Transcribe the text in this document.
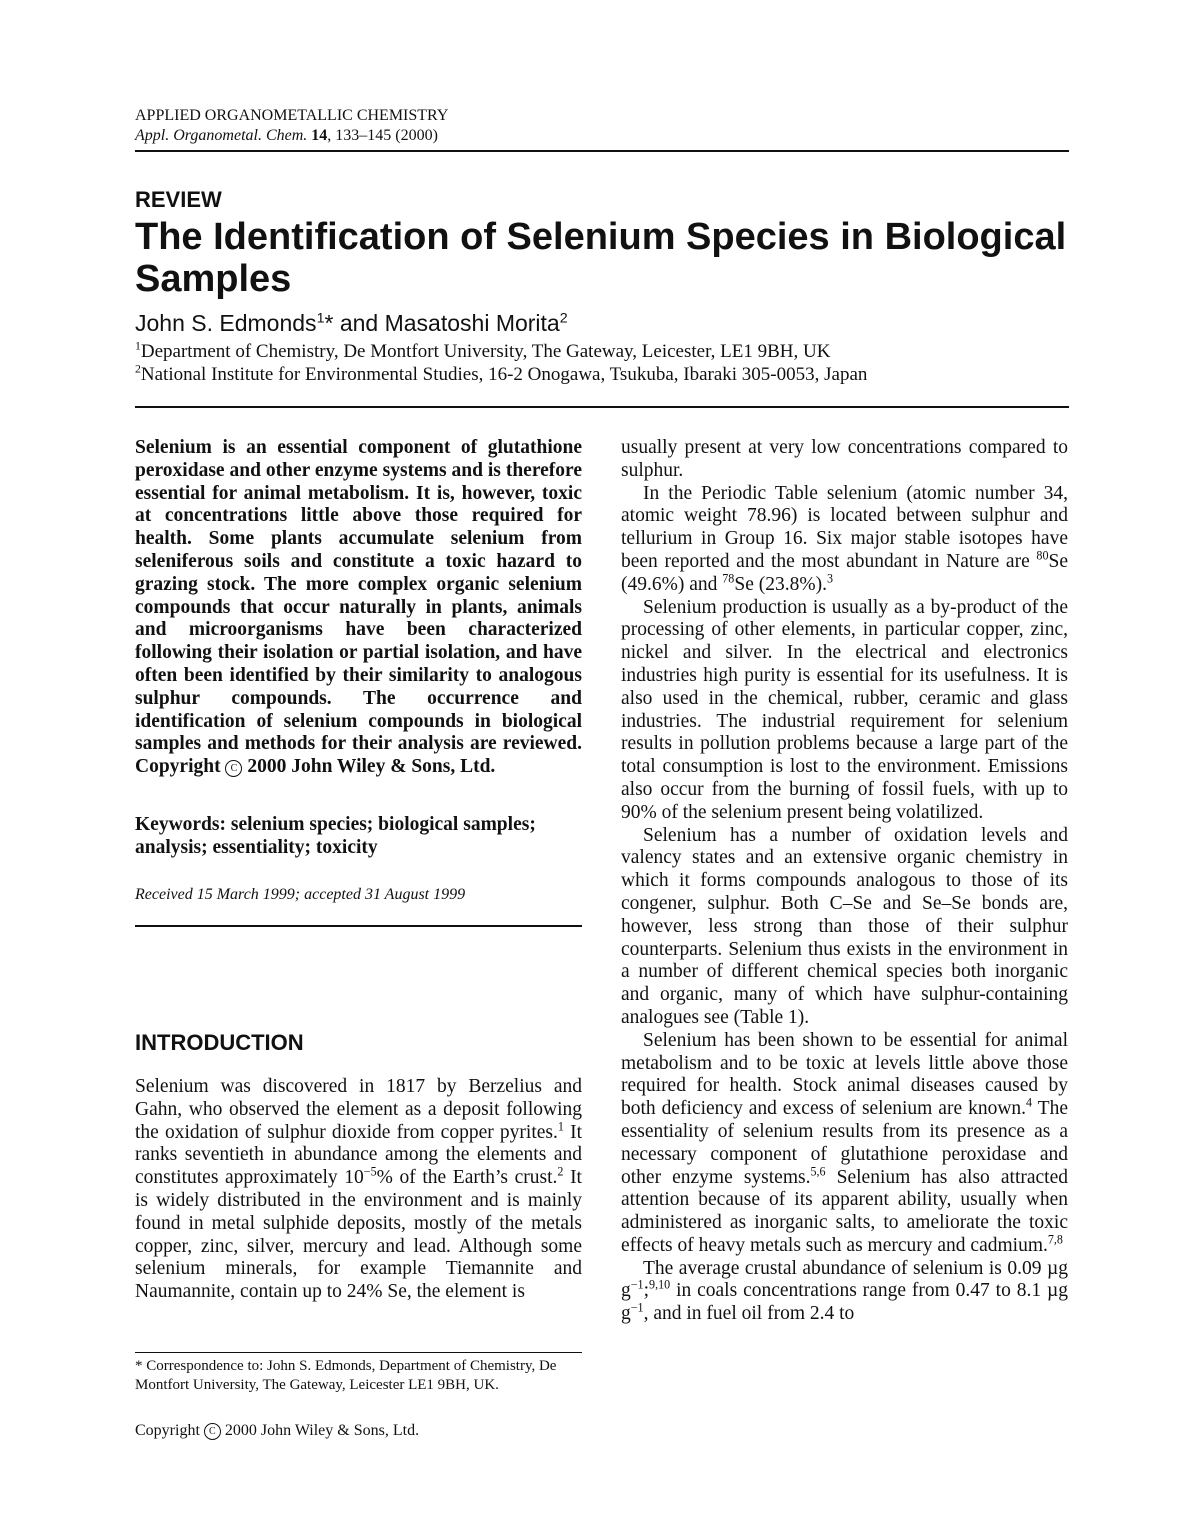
APPLIED ORGANOMETALLIC CHEMISTRY
Appl. Organometal. Chem. 14, 133–145 (2000)
REVIEW
The Identification of Selenium Species in Biological Samples
John S. Edmonds$^1$* and Masatoshi Morita$^2$
$^1$Department of Chemistry, De Montfort University, The Gateway, Leicester, LE1 9BH, UK
$^2$National Institute for Environmental Studies, 16-2 Onogawa, Tsukuba, Ibaraki 305-0053, Japan
Selenium is an essential component of glutathione peroxidase and other enzyme systems and is therefore essential for animal metabolism. It is, however, toxic at concentrations little above those required for health. Some plants accumulate selenium from seleniferous soils and constitute a toxic hazard to grazing stock. The more complex organic selenium compounds that occur naturally in plants, animals and microorganisms have been characterized following their isolation or partial isolation, and have often been identified by their similarity to analogous sulphur compounds. The occurrence and identification of selenium compounds in biological samples and methods for their analysis are reviewed. Copyright C 2000 John Wiley & Sons, Ltd.
Keywords: selenium species; biological samples; analysis; essentiality; toxicity
Received 15 March 1999; accepted 31 August 1999
INTRODUCTION
Selenium was discovered in 1817 by Berzelius and Gahn, who observed the element as a deposit following the oxidation of sulphur dioxide from copper pyrites.$^1$ It ranks seventieth in abundance among the elements and constitutes approximately $10^{-5}\%$ of the Earth’s crust.$^2$ It is widely distributed in the environment and is mainly found in metal sulphide deposits, mostly of the metals copper, zinc, silver, mercury and lead. Although some selenium minerals, for example Tiemannite and Naumannite, contain up to 24% Se, the element is
* Correspondence to: John S. Edmonds, Department of Chemistry, De Montfort University, The Gateway, Leicester LE1 9BH, UK.
Copyright C 2000 John Wiley & Sons, Ltd.

usually present at very low concentrations compared to sulphur.

In the Periodic Table selenium (atomic number 34, atomic weight 78.96) is located between sulphur and tellurium in Group 16. Six major stable isotopes have been reported and the most abundant in Nature are $^{80}$Se (49.6%) and $^{78}$Se (23.8%).$^3$

Selenium production is usually as a by-product of the processing of other elements, in particular copper, zinc, nickel and silver. In the electrical and electronics industries high purity is essential for its usefulness. It is also used in the chemical, rubber, ceramic and glass industries. The industrial requirement for selenium results in pollution problems because a large part of the total consumption is lost to the environment. Emissions also occur from the burning of fossil fuels, with up to 90% of the selenium present being volatilized.

Selenium has a number of oxidation levels and valency states and an extensive organic chemistry in which it forms compounds analogous to those of its congener, sulphur. Both C–Se and Se–Se bonds are, however, less strong than those of their sulphur counterparts. Selenium thus exists in the environment in a number of different chemical species both inorganic and organic, many of which have sulphur-containing analogues see (Table 1).

Selenium has been shown to be essential for animal metabolism and to be toxic at levels little above those required for health. Stock animal diseases caused by both deficiency and excess of selenium are known.$^4$ The essentiality of selenium results from its presence as a necessary component of glutathione peroxidase and other enzyme systems.$^{5,6}$ Selenium has also attracted attention because of its apparent ability, usually when administered as inorganic salts, to ameliorate the toxic effects of heavy metals such as mercury and cadmium.$^{7,8}$

The average crustal abundance of selenium is 0.09 µg $g^{-1};^{9,10}$ in coals concentrations range from 0.47 to 8.1 µg $g^{-1}$, and in fuel oil from 2.4 to
